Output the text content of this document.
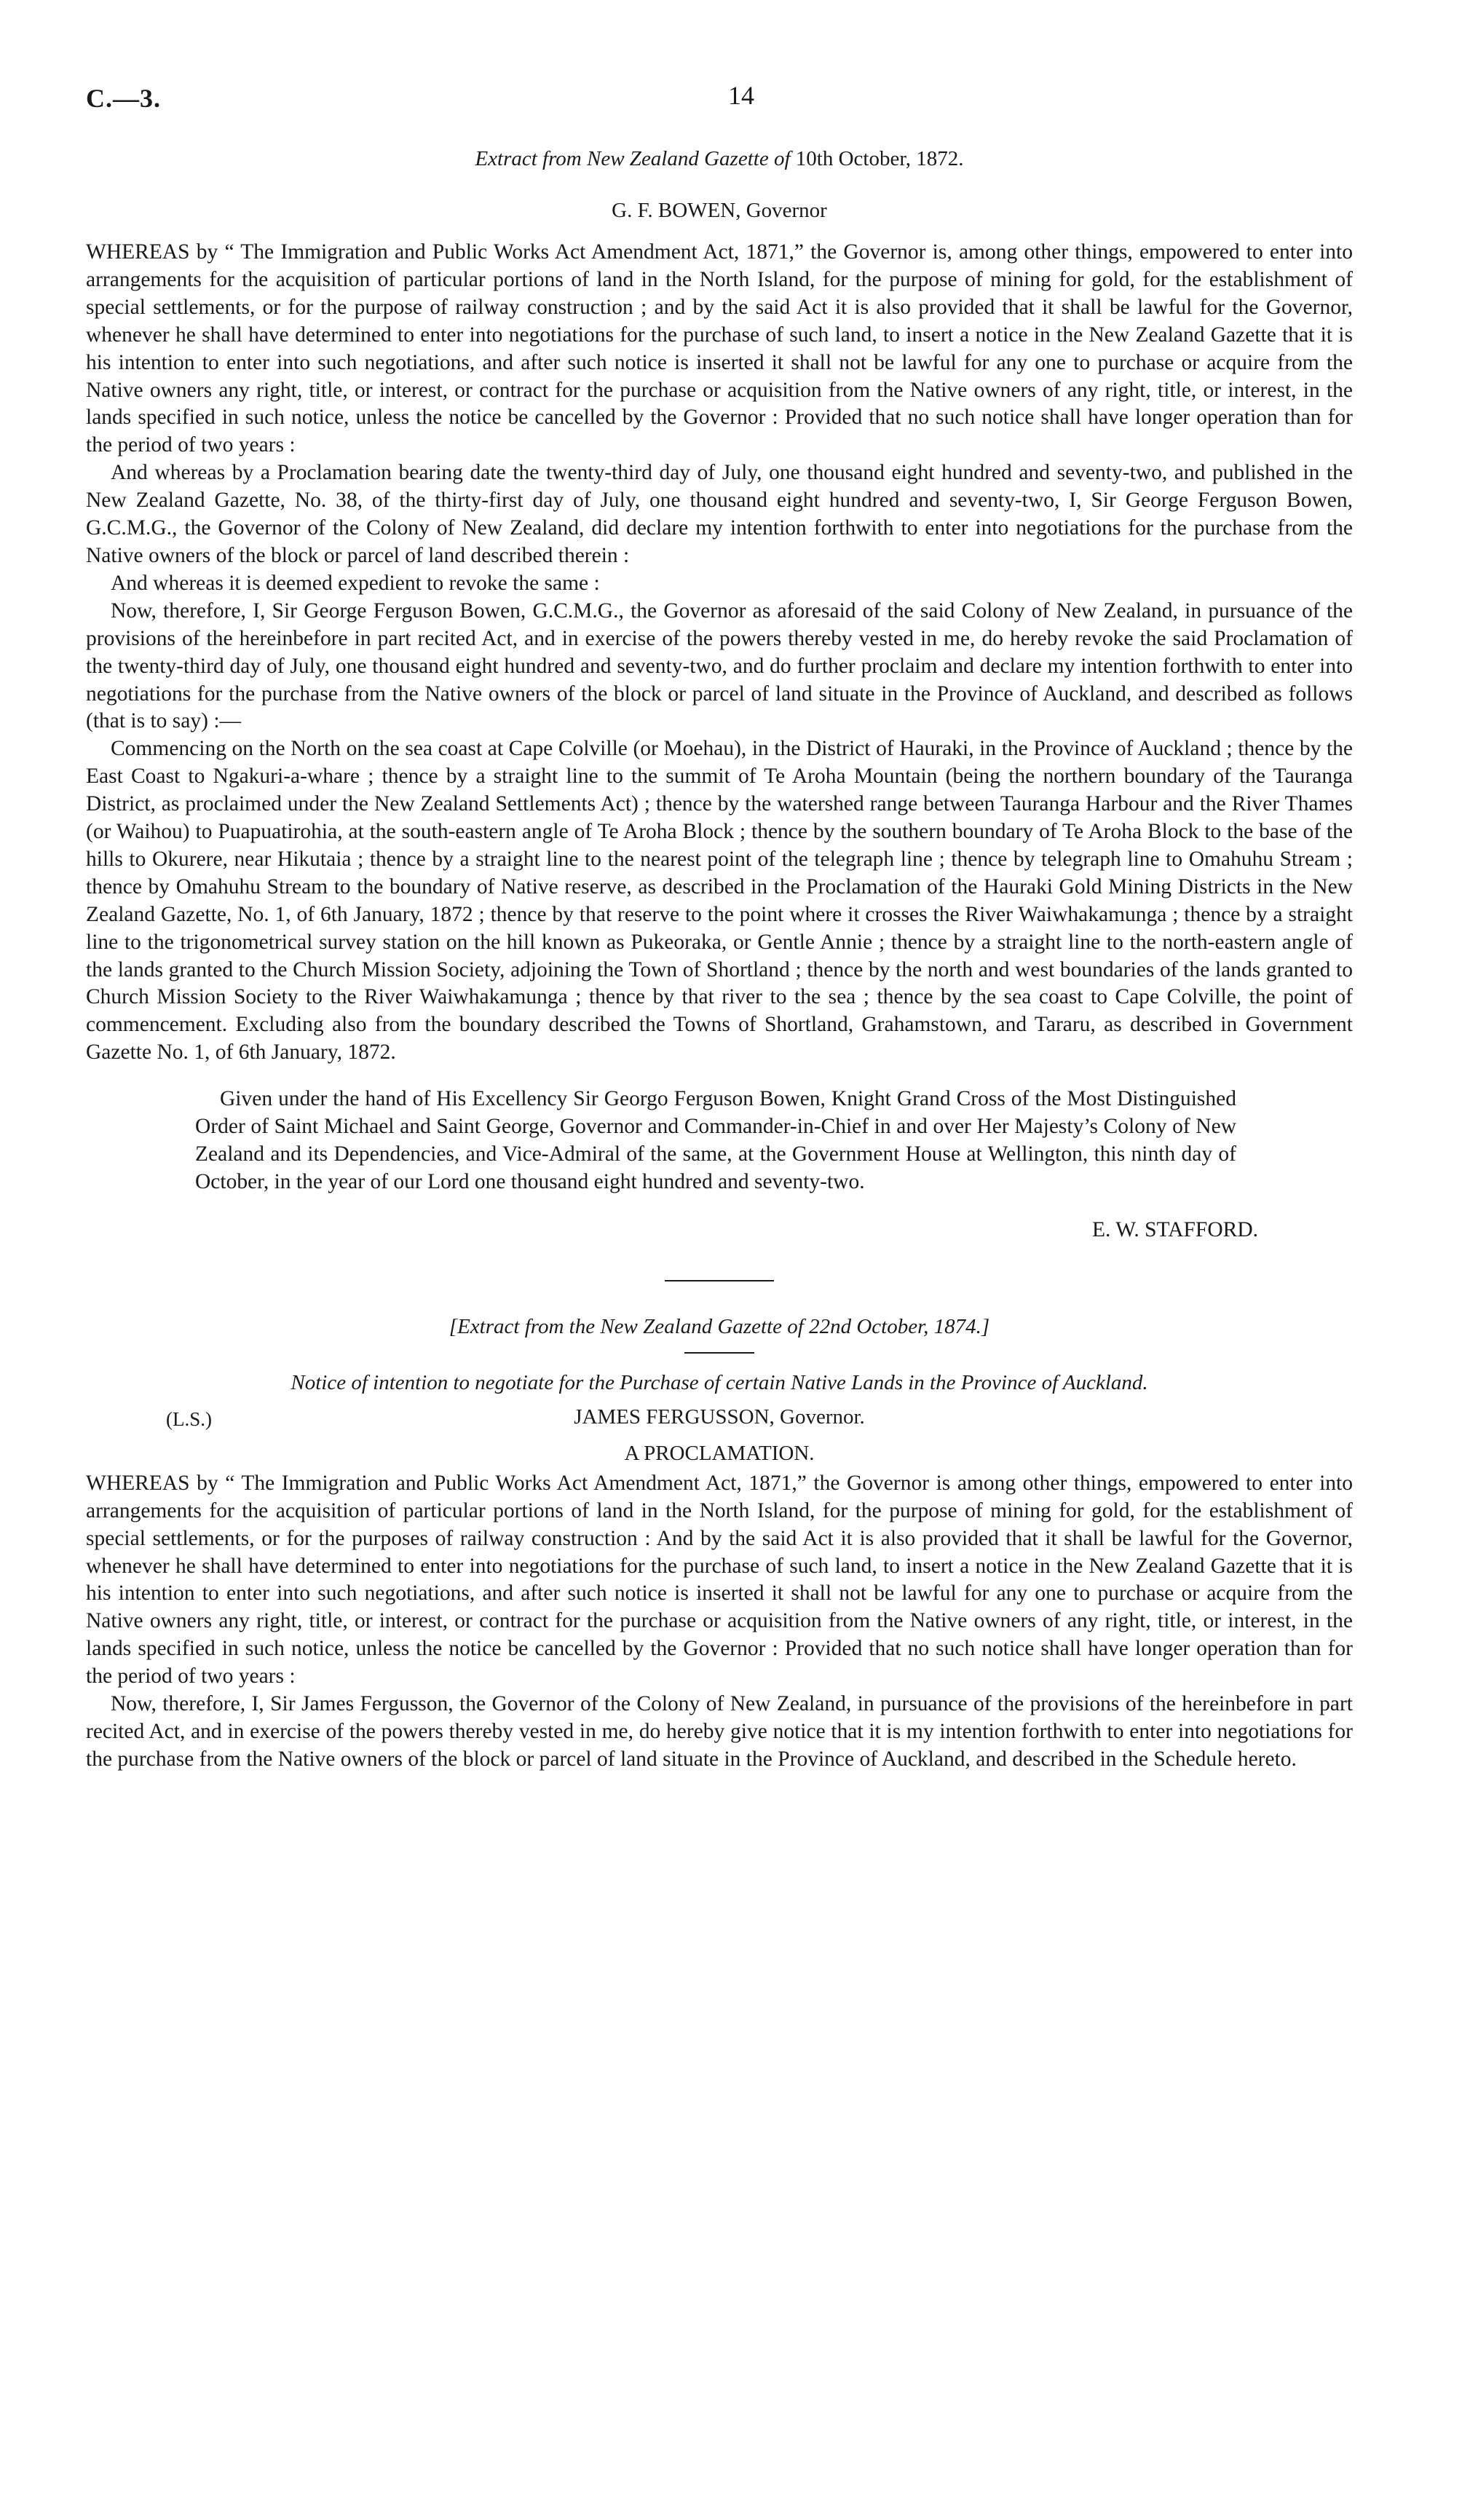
C.—3.	14
Extract from New Zealand Gazette of 10th October, 1872.
G. F. BOWEN, Governor

WHEREAS by “ The Immigration and Public Works Act Amendment Act, 1871,” the Governor is, among other things, empowered to enter into arrangements for the acquisition of particular portions of land in the North Island, for the purpose of mining for gold, for the establishment of special settlements, or for the purpose of railway construction ; and by the said Act it is also provided that it shall be lawful for the Governor, whenever he shall have determined to enter into negotiations for the purchase of such land, to insert a notice in the New Zealand Gazette that it is his intention to enter into such negotiations, and after such notice is inserted it shall not be lawful for any one to purchase or acquire from the Native owners any right, title, or interest, or contract for the purchase or acquisition from the Native owners of any right, title, or interest, in the lands specified in such notice, unless the notice be cancelled by the Governor : Provided that no such notice shall have longer operation than for the period of two years :

And whereas by a Proclamation bearing date the twenty-third day of July, one thousand eight hundred and seventy-two, and published in the New Zealand Gazette, No. 38, of the thirty-first day of July, one thousand eight hundred and seventy-two, I, Sir George Ferguson Bowen, G.C.M.G., the Governor of the Colony of New Zealand, did declare my intention forthwith to enter into negotiations for the purchase from the Native owners of the block or parcel of land described therein :

And whereas it is deemed expedient to revoke the same :

Now, therefore, I, Sir George Ferguson Bowen, G.C.M.G., the Governor as aforesaid of the said Colony of New Zealand, in pursuance of the provisions of the hereinbefore in part recited Act, and in exercise of the powers thereby vested in me, do hereby revoke the said Proclamation of the twenty-third day of July, one thousand eight hundred and seventy-two, and do further proclaim and declare my intention forthwith to enter into negotiations for the purchase from the Native owners of the block or parcel of land situate in the Province of Auckland, and described as follows (that is to say) :—

Commencing on the North on the sea coast at Cape Colville (or Moehau), in the District of Hauraki, in the Province of Auckland ; thence by the East Coast to Ngakuri-a-whare ; thence by a straight line to the summit of Te Aroha Mountain (being the northern boundary of the Tauranga District, as proclaimed under the New Zealand Settlements Act) ; thence by the watershed range between Tauranga Harbour and the River Thames (or Waihou) to Puapuatirohia, at the south-eastern angle of Te Aroha Block ; thence by the southern boundary of Te Aroha Block to the base of the hills to Okurere, near Hikutaia ; thence by a straight line to the nearest point of the telegraph line ; thence by telegraph line to Omahuhu Stream ; thence by Omahuhu Stream to the boundary of Native reserve, as described in the Proclamation of the Hauraki Gold Mining Districts in the New Zealand Gazette, No. 1, of 6th January, 1872 ; thence by that reserve to the point where it crosses the River Waiwhakamunga ; thence by a straight line to the trigonometrical survey station on the hill known as Pukeoraka, or Gentle Annie ; thence by a straight line to the north-eastern angle of the lands granted to the Church Mission Society, adjoining the Town of Shortland ; thence by the north and west boundaries of the lands granted to Church Mission Society to the River Waiwhakamunga ; thence by that river to the sea ; thence by the sea coast to Cape Colville, the point of commencement. Excluding also from the boundary described the Towns of Shortland, Grahamstown, and Tararu, as described in Government Gazette No. 1, of 6th January, 1872.

Given under the hand of His Excellency Sir Georgo Ferguson Bowen, Knight Grand Cross of the Most Distinguished Order of Saint Michael and Saint George, Governor and Commander-in-Chief in and over Her Majesty’s Colony of New Zealand and its Dependencies, and Vice-Admiral of the same, at the Government House at Wellington, this ninth day of October, in the year of our Lord one thousand eight hundred and seventy-two.
E. W. STAFFORD.
[Extract from the New Zealand Gazette of 22nd October, 1874.]
Notice of intention to negotiate for the Purchase of certain Native Lands in the Province of Auckland.
(L.S.)	JAMES FERGUSSON, Governor.
A PROCLAMATION.

WHEREAS by “ The Immigration and Public Works Act Amendment Act, 1871,” the Governor is among other things, empowered to enter into arrangements for the acquisition of particular portions of land in the North Island, for the purpose of mining for gold, for the establishment of special settlements, or for the purposes of railway construction : And by the said Act it is also provided that it shall be lawful for the Governor, whenever he shall have determined to enter into negotiations for the purchase of such land, to insert a notice in the New Zealand Gazette that it is his intention to enter into such negotiations, and after such notice is inserted it shall not be lawful for any one to purchase or acquire from the Native owners any right, title, or interest, or contract for the purchase or acquisition from the Native owners of any right, title, or interest, in the lands specified in such notice, unless the notice be cancelled by the Governor : Provided that no such notice shall have longer operation than for the period of two years :

Now, therefore, I, Sir James Fergusson, the Governor of the Colony of New Zealand, in pursuance of the provisions of the hereinbefore in part recited Act, and in exercise of the powers thereby vested in me, do hereby give notice that it is my intention forthwith to enter into negotiations for the purchase from the Native owners of the block or parcel of land situate in the Province of Auckland, and described in the Schedule hereto.
